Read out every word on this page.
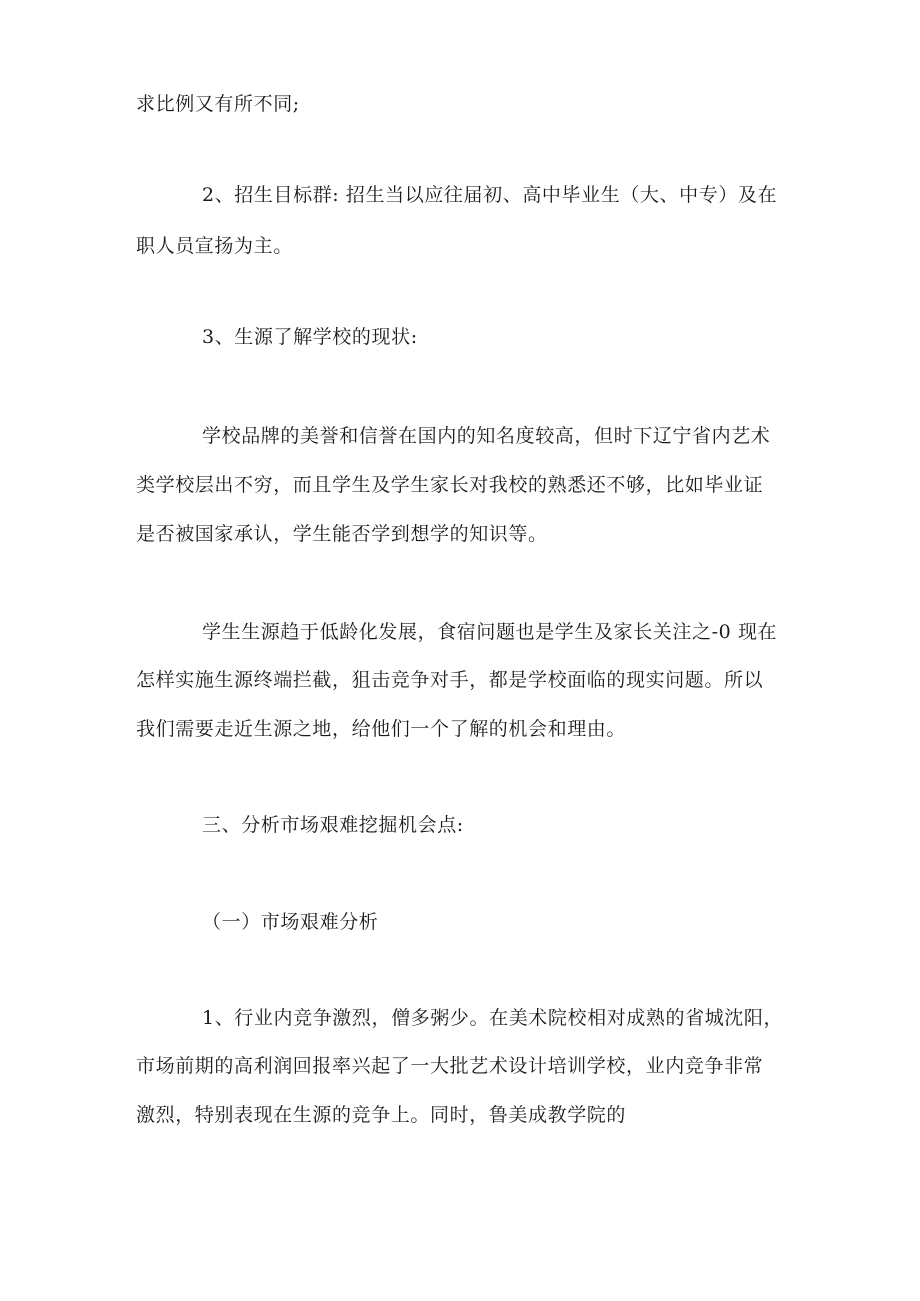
求比例又有所不同;
2、招生目标群: 招生当以应往届初、高中毕业生（大、中专）及在
职人员宣扬为主。
3、生源了解学校的现状:
学校品牌的美誉和信誉在国内的知名度较高，但时下辽宁省内艺术
类学校层出不穷，而且学生及学生家长对我校的熟悉还不够，比如毕业证
是否被国家承认，学生能否学到想学的知识等。
学生生源趋于低龄化发展，食宿问题也是学生及家长关注之-0 现在
怎样实施生源终端拦截，狙击竞争对手，都是学校面临的现实问题。所以
我们需要走近生源之地，给他们一个了解的机会和理由。
三、分析市场艰难挖掘机会点:
（一）市场艰难分析
1、行业内竞争激烈，僧多粥少。在美术院校相对成熟的省城沈阳，
市场前期的高利润回报率兴起了一大批艺术设计培训学校，业内竞争非常
激烈，特别表现在生源的竞争上。同时，鲁美成教学院的
